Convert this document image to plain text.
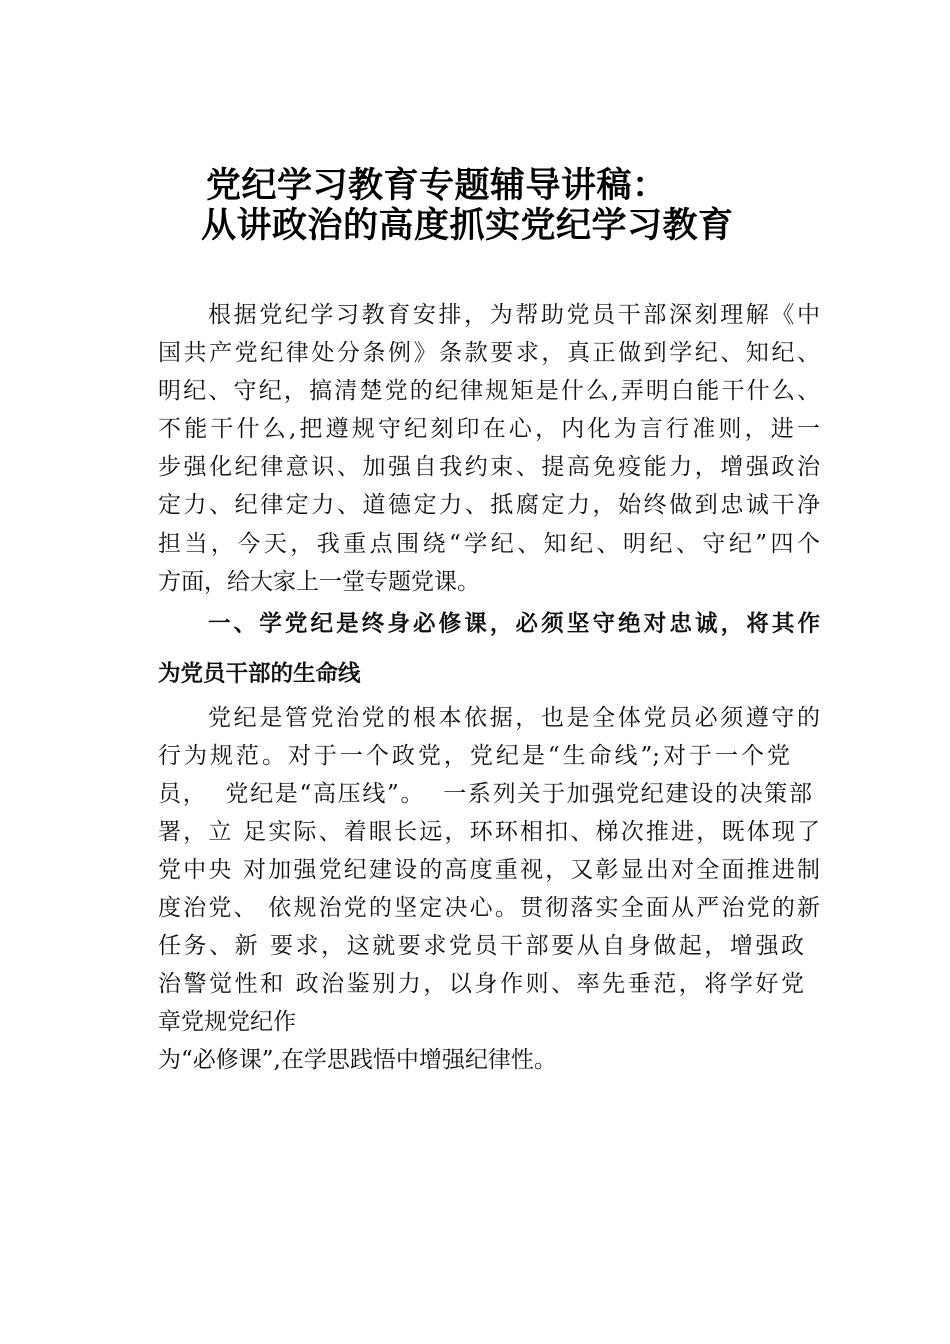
党纪学习教育专题辅导讲稿：
从讲政治的高度抓实党纪学习教育
根据党纪学习教育安排，为帮助党员干部深刻理解《中
国共产党纪律处分条例》条款要求，真正做到学纪、知纪、
明纪、守纪，搞清楚党的纪律规矩是什么,弄明白能干什么、
不能干什么,把遵规守纪刻印在心，内化为言行准则，进一
步强化纪律意识、加强自我约束、提高免疫能力，增强政治
定力、纪律定力、道德定力、抵腐定力，始终做到忠诚干净
担当，今天，我重点围绕“学纪、知纪、明纪、守纪”四个
方面，给大家上一堂专题党课。
一、学党纪是终身必修课，必须坚守绝对忠诚，将其作
为党员干部的生命线
党纪是管党治党的根本依据，也是全体党员必须遵守的
行为规范。对于一个政党，党纪是“生命线”;对于一个党
员，  党纪是“高压线”。  一系列关于加强党纪建设的决策部
署，立 足实际、着眼长远，环环相扣、梯次推进，既体现了
党中央 对加强党纪建设的高度重视，又彰显出对全面推进制
度治党、 依规治党的坚定决心。贯彻落实全面从严治党的新
任务、新 要求，这就要求党员干部要从自身做起，增强政
治警觉性和 政治鉴别力，以身作则、率先垂范，将学好党
章党规党纪作
为“必修课”,在学思践悟中增强纪律性。
